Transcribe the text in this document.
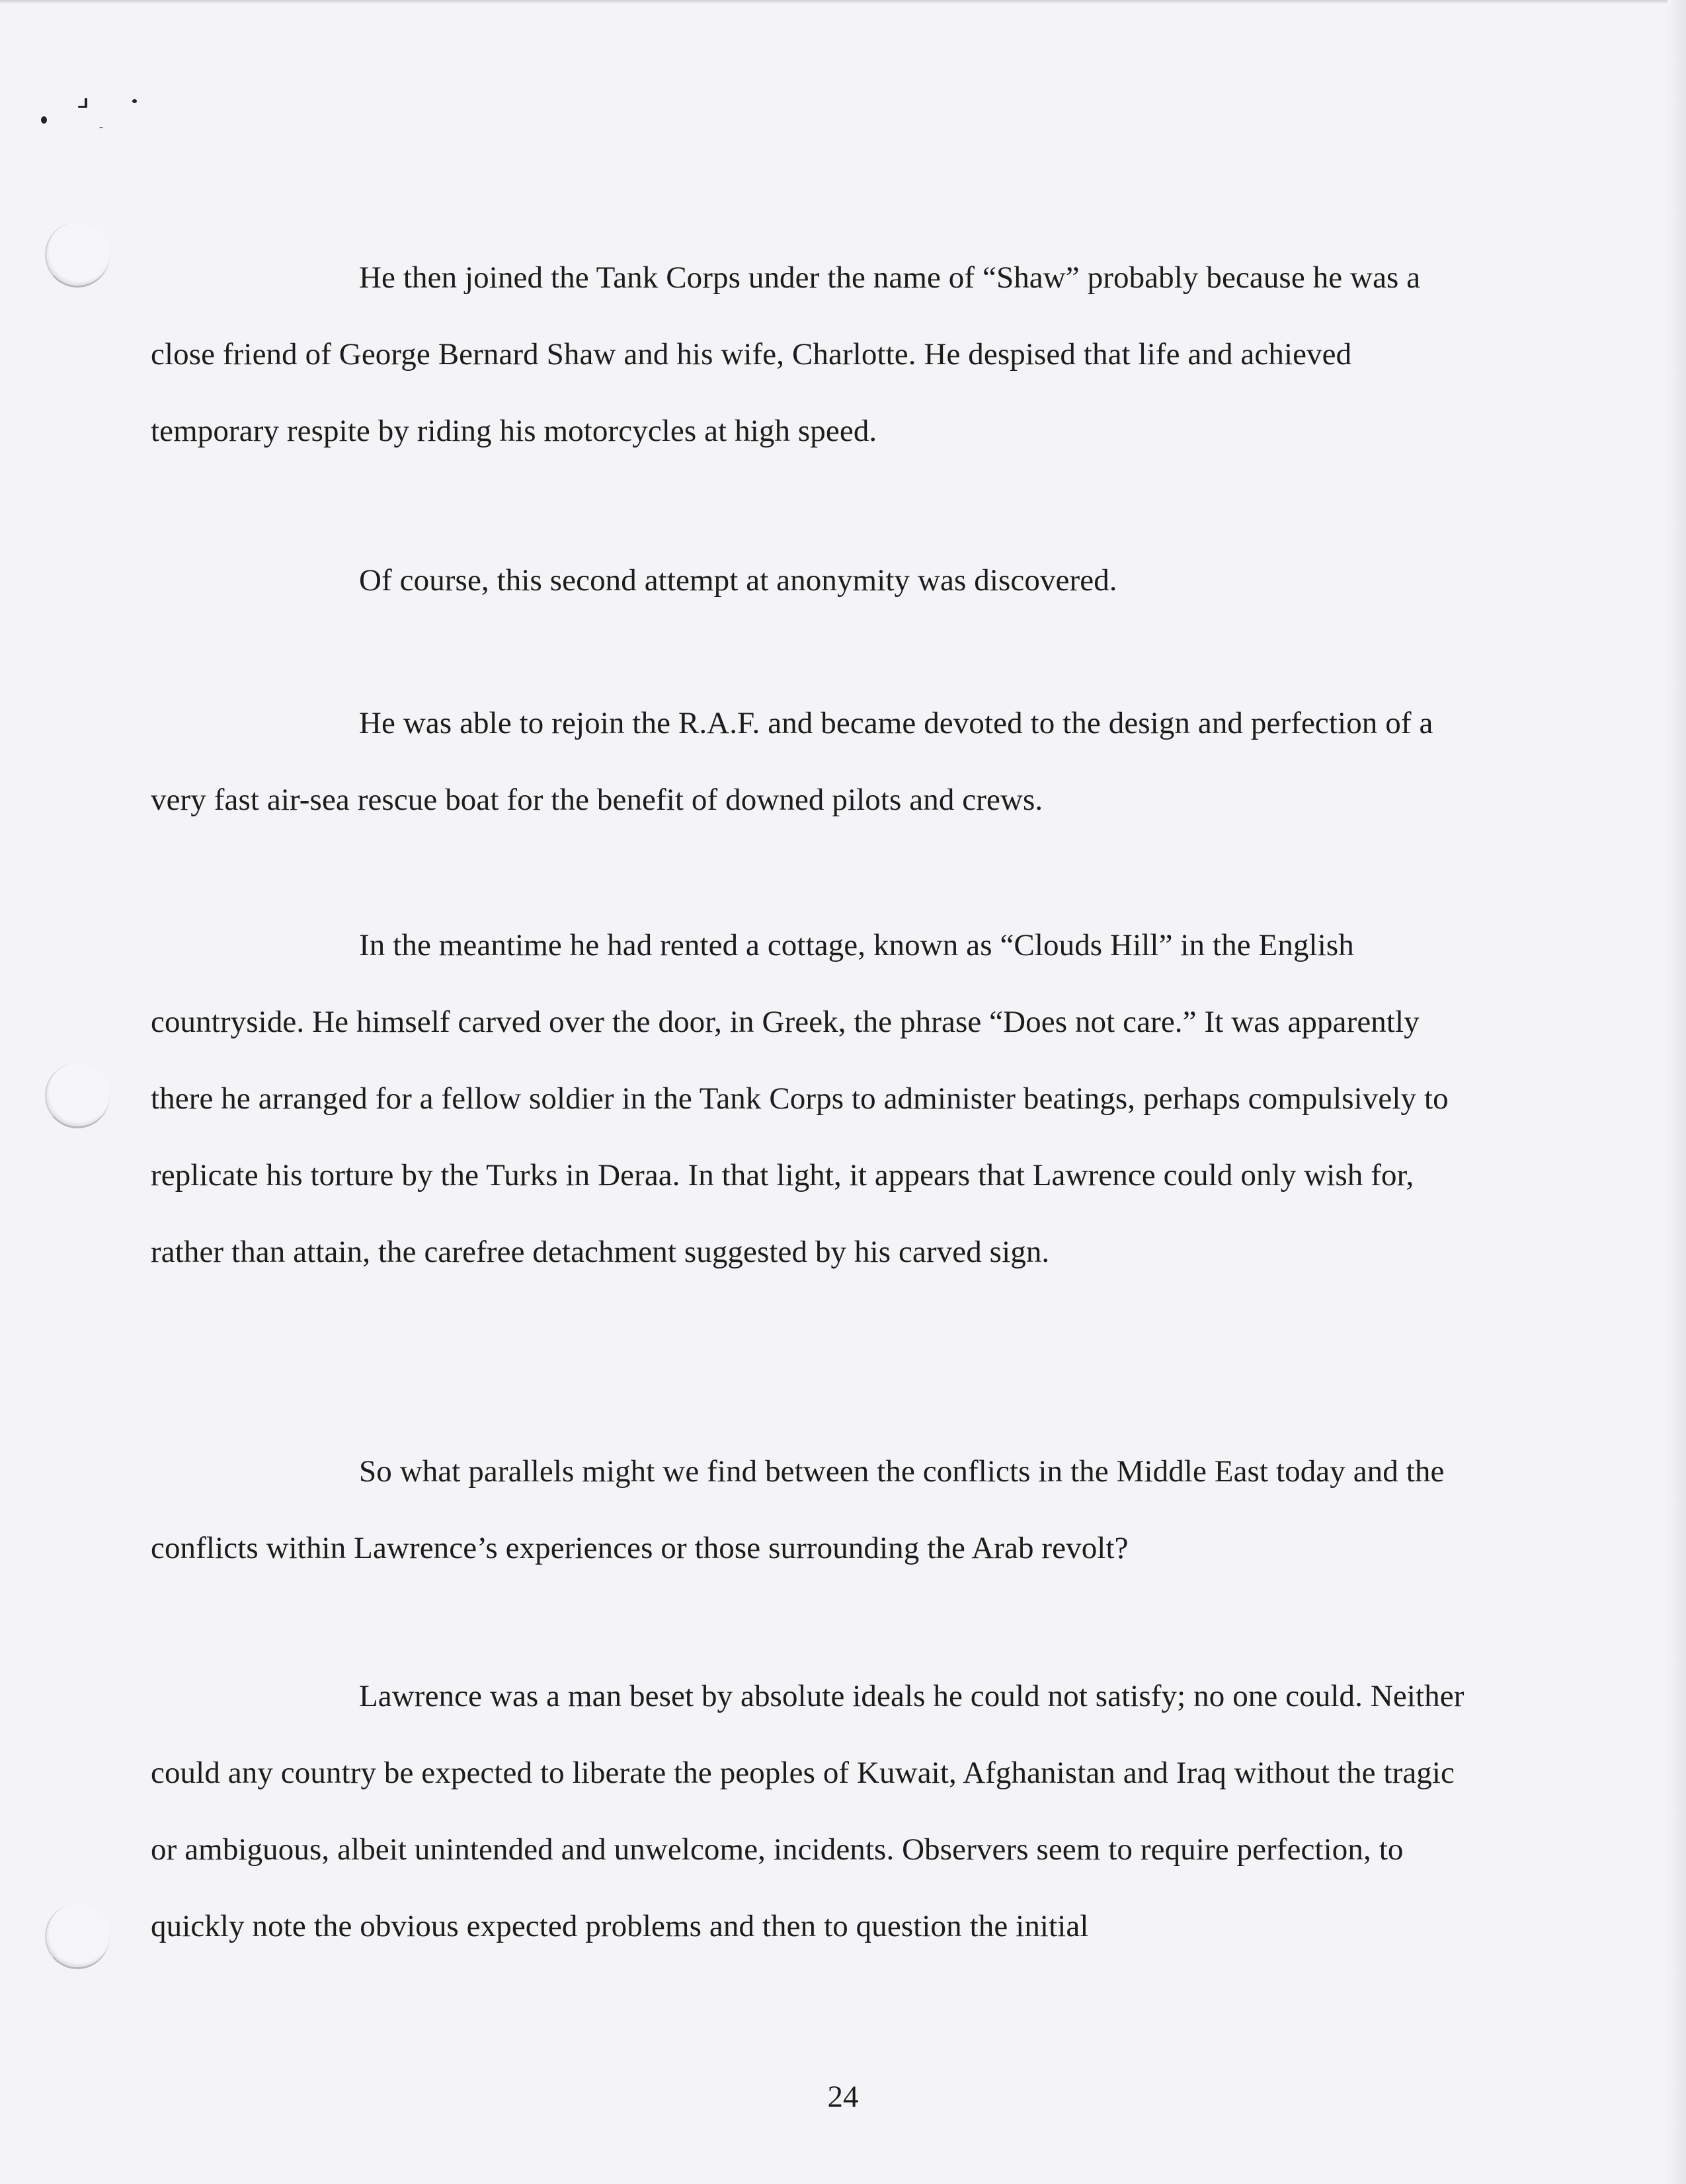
He then joined the Tank Corps under the name of “Shaw” probably because he was a close friend of George Bernard Shaw and his wife, Charlotte. He despised that life and achieved temporary respite by riding his motorcycles at high speed.

Of course, this second attempt at anonymity was discovered.

He was able to rejoin the R.A.F. and became devoted to the design and perfection of a very fast air-sea rescue boat for the benefit of downed pilots and crews.

In the meantime he had rented a cottage, known as “Clouds Hill” in the English countryside. He himself carved over the door, in Greek, the phrase “Does not care.” It was apparently there he arranged for a fellow soldier in the Tank Corps to administer beatings, perhaps compulsively to replicate his torture by the Turks in Deraa. In that light, it appears that Lawrence could only wish for, rather than attain, the carefree detachment suggested by his carved sign.

So what parallels might we find between the conflicts in the Middle East today and the conflicts within Lawrence’s experiences or those surrounding the Arab revolt?

Lawrence was a man beset by absolute ideals he could not satisfy; no one could. Neither could any country be expected to liberate the peoples of Kuwait, Afghanistan and Iraq without the tragic or ambiguous, albeit unintended and unwelcome, incidents. Observers seem to require perfection, to quickly note the obvious expected problems and then to question the initial

24
